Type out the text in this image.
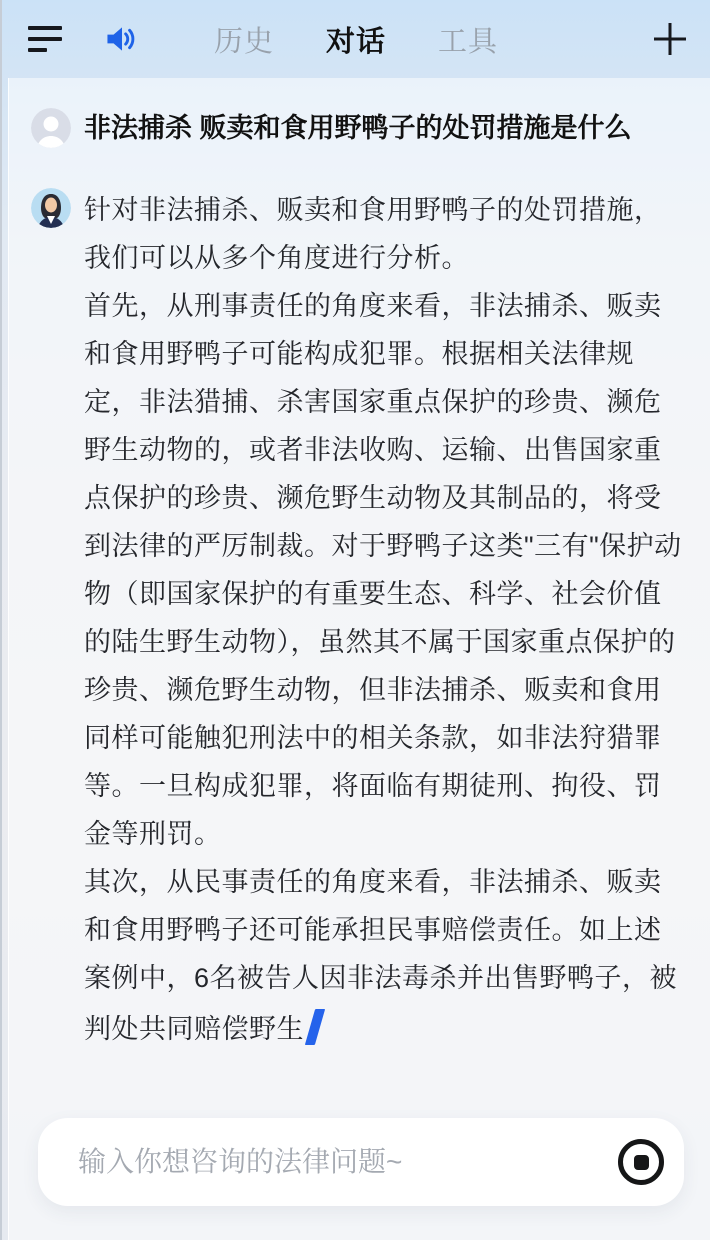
历史 对话 工具
非法捕杀 贩卖和食用野鸭子的处罚措施是什么

针对非法捕杀、贩卖和食用野鸭子的处罚措施，我们可以从多个角度进行分析。

首先，从刑事责任的角度来看，非法捕杀、贩卖和食用野鸭子可能构成犯罪。根据相关法律规定，非法猎捕、杀害国家重点保护的珍贵、濒危野生动物的，或者非法收购、运输、出售国家重点保护的珍贵、濒危野生动物及其制品的，将受到法律的严厉制裁。对于野鸭子这类"三有"保护动物（即国家保护的有重要生态、科学、社会价值的陆生野生动物），虽然其不属于国家重点保护的珍贵、濒危野生动物，但非法捕杀、贩卖和食用同样可能触犯刑法中的相关条款，如非法狩猎罪等。一旦构成犯罪，将面临有期徒刑、拘役、罚金等刑罚。

其次，从民事责任的角度来看，非法捕杀、贩卖和食用野鸭子还可能承担民事赔偿责任。如上述案例中，6名被告人因非法毒杀并出售野鸭子，被判处共同赔偿野生

输入你想咨询的法律问题~
